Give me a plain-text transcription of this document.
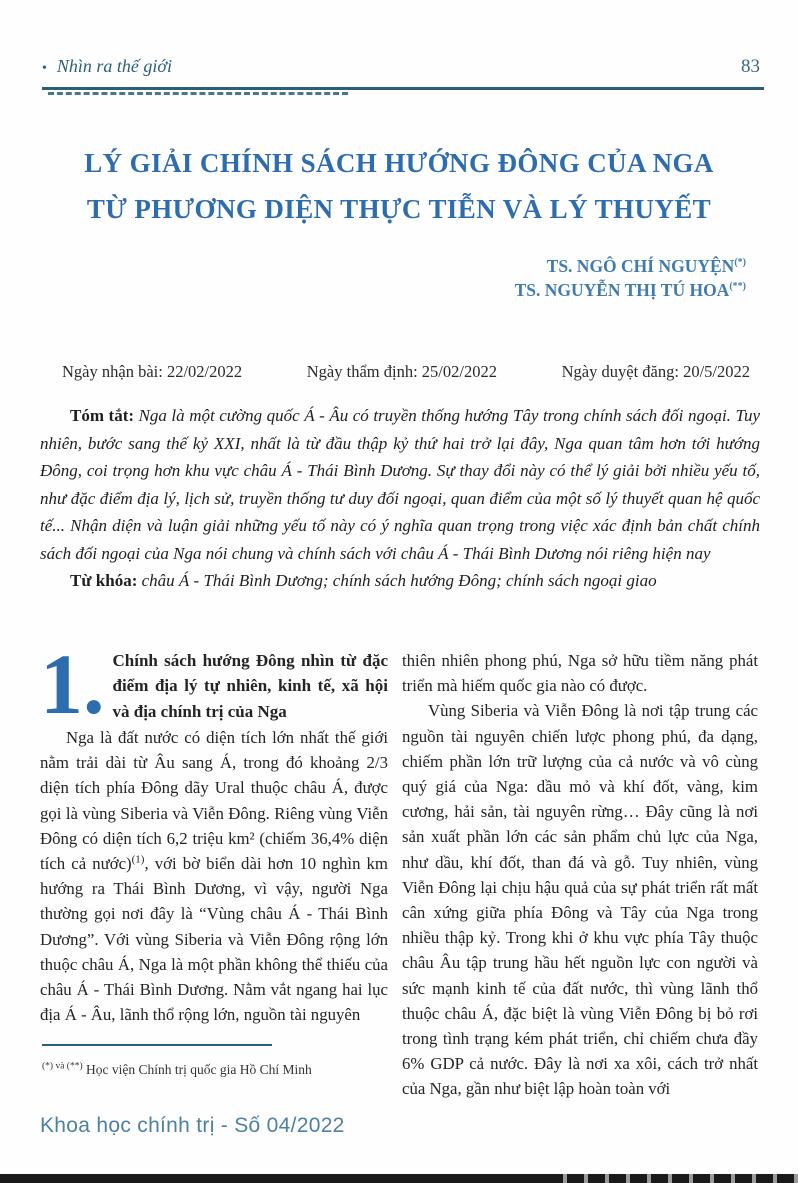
• Nhìn ra thế giới	83
LÝ GIẢI CHÍNH SÁCH HƯỚNG ĐÔNG CỦA NGA
TỪ PHƯƠNG DIỆN THỰC TIỄN VÀ LÝ THUYẾT
TS. NGÔ CHÍ NGUYỆN(*)
TS. NGUYỄN THỊ TÚ HOA(**)
Ngày nhận bài: 22/02/2022	Ngày thẩm định: 25/02/2022	Ngày duyệt đăng: 20/5/2022

Tóm tắt: Nga là một cường quốc Á - Âu có truyền thống hướng Tây trong chính sách đối ngoại. Tuy nhiên, bước sang thế kỷ XXI, nhất là từ đầu thập kỷ thứ hai trở lại đây, Nga quan tâm hơn tới hướng Đông, coi trọng hơn khu vực châu Á - Thái Bình Dương. Sự thay đổi này có thể lý giải bởi nhiều yếu tố, như đặc điểm địa lý, lịch sử, truyền thống tư duy đối ngoại, quan điểm của một số lý thuyết quan hệ quốc tế... Nhận diện và luận giải những yếu tố này có ý nghĩa quan trọng trong việc xác định bản chất chính sách đối ngoại của Nga nói chung và chính sách với châu Á - Thái Bình Dương nói riêng hiện nay

Từ khóa: châu Á - Thái Bình Dương; chính sách hướng Đông; chính sách ngoại giao

1. Chính sách hướng Đông nhìn từ đặc điểm địa lý tự nhiên, kinh tế, xã hội và địa chính trị của Nga

Nga là đất nước có diện tích lớn nhất thế giới nằm trải dài từ Âu sang Á, trong đó khoảng 2/3 diện tích phía Đông dãy Ural thuộc châu Á, được gọi là vùng Siberia và Viễn Đông. Riêng vùng Viễn Đông có diện tích 6,2 triệu km² (chiếm 36,4% diện tích cả nước)$^{(1)}$, với bờ biển dài hơn 10 nghìn km hướng ra Thái Bình Dương, vì vậy, người Nga thường gọi nơi đây là “Vùng châu Á - Thái Bình Dương”. Với vùng Siberia và Viễn Đông rộng lớn thuộc châu Á, Nga là một phần không thể thiếu của châu Á - Thái Bình Dương. Nằm vắt ngang hai lục địa Á - Âu, lãnh thổ rộng lớn, nguồn tài nguyên

thiên nhiên phong phú, Nga sở hữu tiềm năng phát triển mà hiếm quốc gia nào có được.

Vùng Siberia và Viễn Đông là nơi tập trung các nguồn tài nguyên chiến lược phong phú, đa dạng, chiếm phần lớn trữ lượng của cả nước và vô cùng quý giá của Nga: dầu mỏ và khí đốt, vàng, kim cương, hải sản, tài nguyên rừng… Đây cũng là nơi sản xuất phần lớn các sản phẩm chủ lực của Nga, như dầu, khí đốt, than đá và gỗ. Tuy nhiên, vùng Viễn Đông lại chịu hậu quả của sự phát triển rất mất cân xứng giữa phía Đông và Tây của Nga trong nhiều thập kỷ. Trong khi ở khu vực phía Tây thuộc châu Âu tập trung hầu hết nguồn lực con người và sức mạnh kinh tế của đất nước, thì vùng lãnh thổ thuộc châu Á, đặc biệt là vùng Viễn Đông bị bỏ rơi trong tình trạng kém phát triển, chỉ chiếm chưa đầy 6% GDP cả nước. Đây là nơi xa xôi, cách trở nhất của Nga, gần như biệt lập hoàn toàn với

$^{(*) và (**)}$ Học viện Chính trị quốc gia Hồ Chí Minh
Khoa học chính trị - Số 04/2022
